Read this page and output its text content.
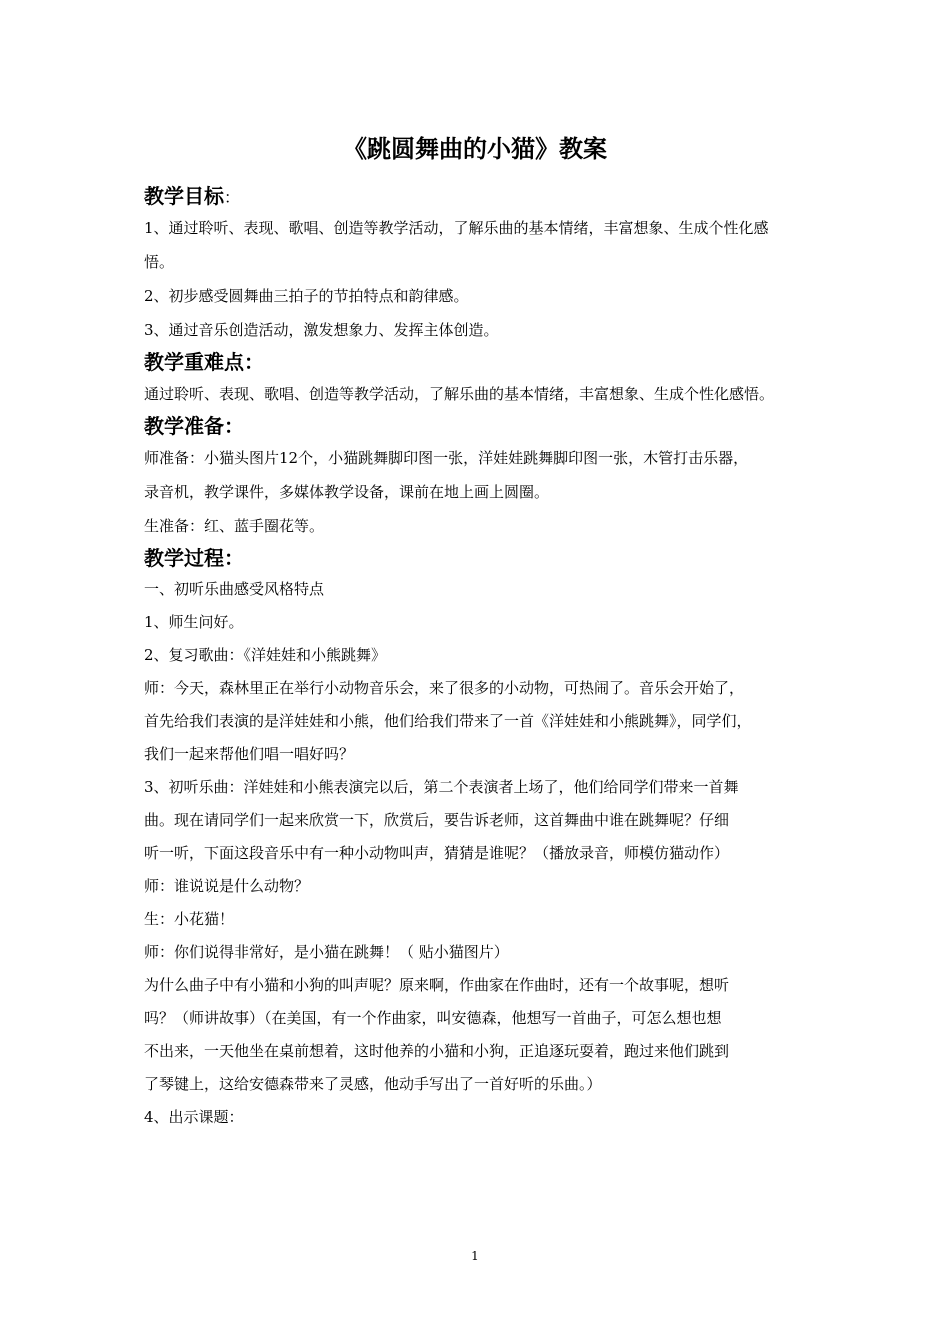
《跳圆舞曲的小猫》教案
教学目标：
1、通过聆听、表现、歌唱、创造等教学活动，了解乐曲的基本情绪，丰富想象、生成个性化感
悟。
2、初步感受圆舞曲三拍子的节拍特点和韵律感。
3、通过音乐创造活动，激发想象力、发挥主体创造。
教学重难点：
通过聆听、表现、歌唱、创造等教学活动，了解乐曲的基本情绪，丰富想象、生成个性化感悟。
教学准备：
师准备：小猫头图片12个，小猫跳舞脚印图一张，洋娃娃跳舞脚印图一张，木管打击乐器，
录音机，教学课件，多媒体教学设备，课前在地上画上圆圈。
生准备：红、蓝手圈花等。
教学过程：
一、初听乐曲感受风格特点
1、师生问好。
2、复习歌曲：《洋娃娃和小熊跳舞》
师：今天，森林里正在举行小动物音乐会，来了很多的小动物，可热闹了。音乐会开始了，
首先给我们表演的是洋娃娃和小熊，他们给我们带来了一首《洋娃娃和小熊跳舞》，同学们，
我们一起来帮他们唱一唱好吗？
3、初听乐曲：洋娃娃和小熊表演完以后，第二个表演者上场了，他们给同学们带来一首舞
曲。现在请同学们一起来欣赏一下，欣赏后，要告诉老师，这首舞曲中谁在跳舞呢？仔细
听一听，下面这段音乐中有一种小动物叫声，猜猜是谁呢？（播放录音，师模仿猫动作）
师：谁说说是什么动物？
生：小花猫！
师：你们说得非常好，是小猫在跳舞！（ 贴小猫图片）
为什么曲子中有小猫和小狗的叫声呢？原来啊，作曲家在作曲时，还有一个故事呢，想听
吗？（师讲故事）（在美国，有一个作曲家，叫安德森，他想写一首曲子，可怎么想也想
不出来，一天他坐在桌前想着，这时他养的小猫和小狗，正追逐玩耍着，跑过来他们跳到
了琴键上，这给安德森带来了灵感，他动手写出了一首好听的乐曲。）
4、出示课题：
1
